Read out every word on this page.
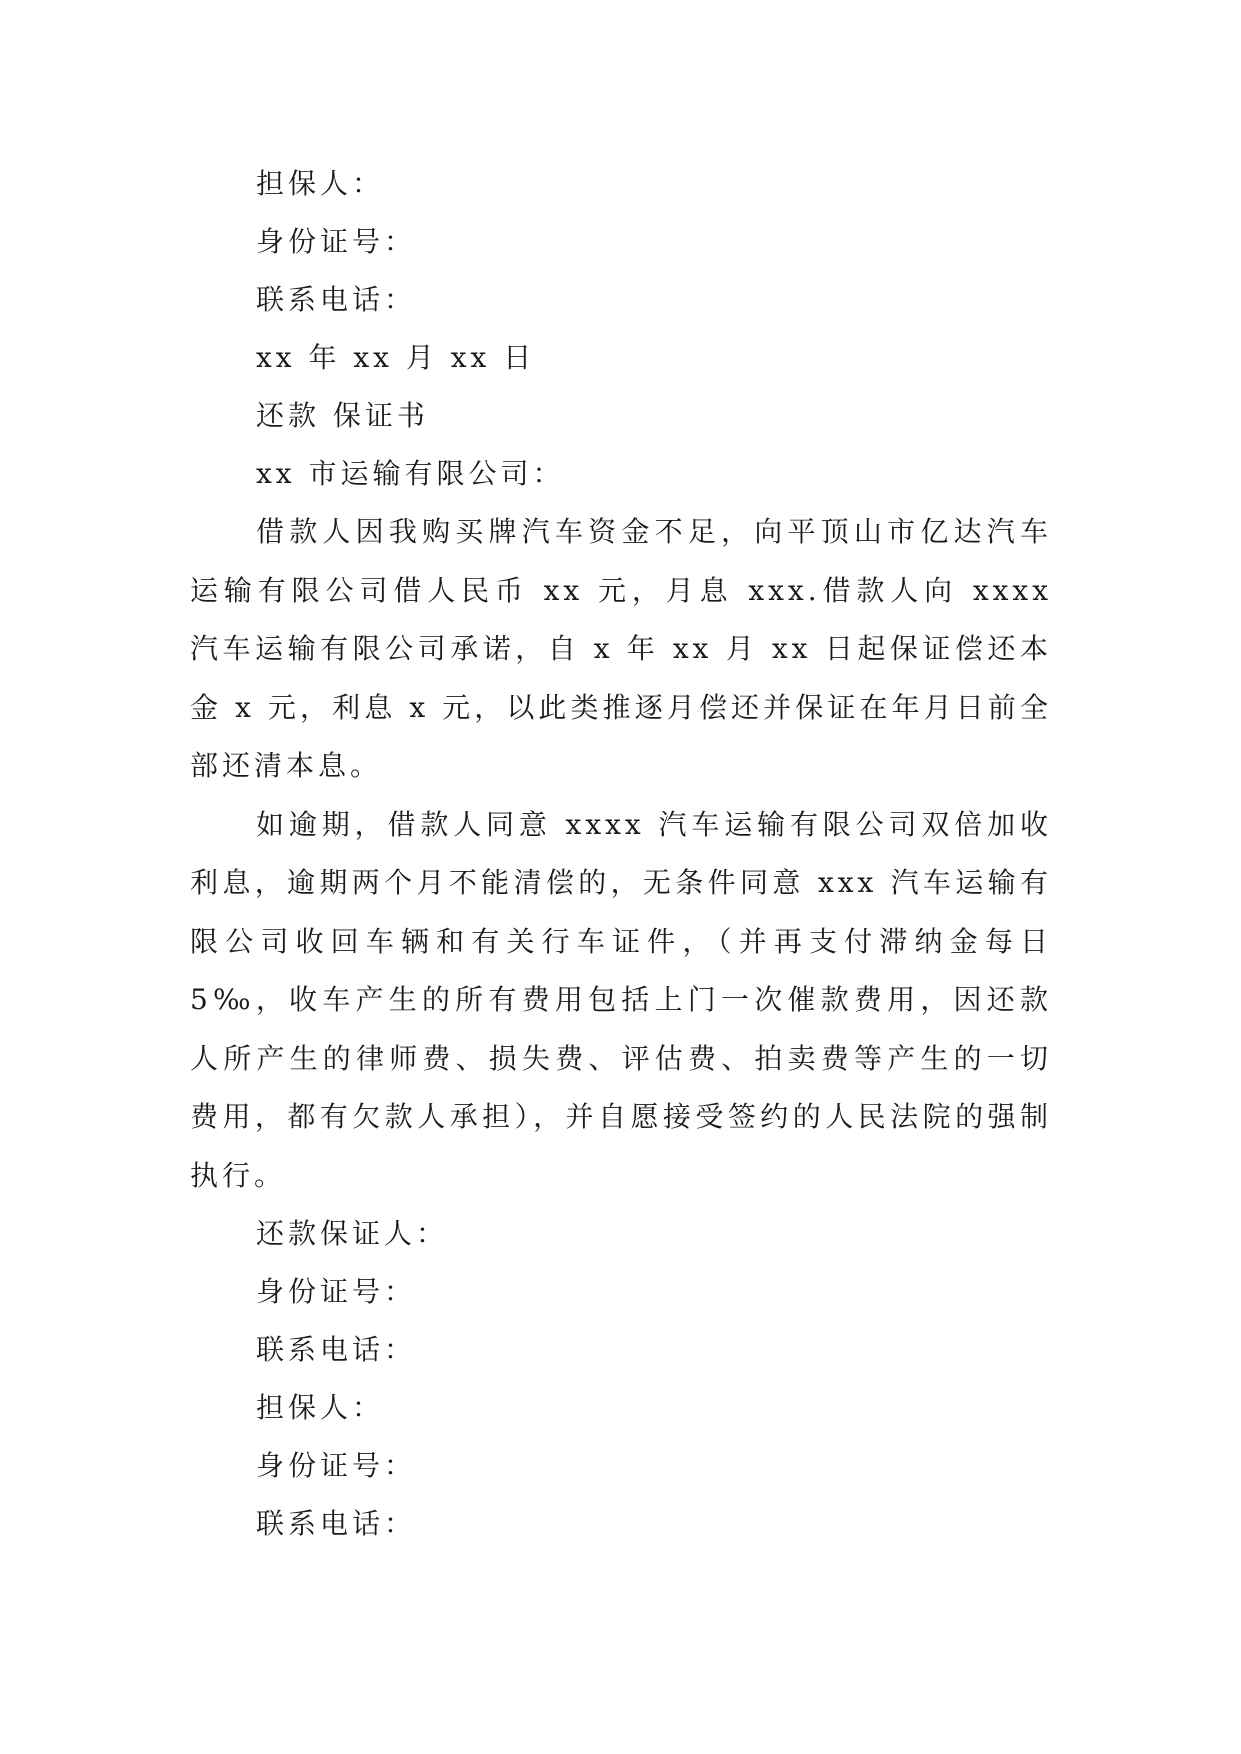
担保人：

身份证号：

联系电话：

xx 年 xx 月 xx 日

还款 保证书

xx 市运输有限公司：

借款人因我购买牌汽车资金不足，向平顶山市亿达汽车运输有限公司借人民币 xx 元，月息 xxx.借款人向 xxxx 汽车运输有限公司承诺，自 x 年 xx 月 xx 日起保证偿还本金 x 元，利息 x 元，以此类推逐月偿还并保证在年月日前全部还清本息。

如逾期，借款人同意 xxxx 汽车运输有限公司双倍加收利息，逾期两个月不能清偿的，无条件同意 xxx 汽车运输有限公司收回车辆和有关行车证件，（并再支付滞纳金每日 5‰，收车产生的所有费用包括上门一次催款费用，因还款人所产生的律师费、损失费、评估费、拍卖费等产生的一切费用，都有欠款人承担），并自愿接受签约的人民法院的强制执行。

还款保证人：

身份证号：

联系电话：

担保人：

身份证号：

联系电话：
